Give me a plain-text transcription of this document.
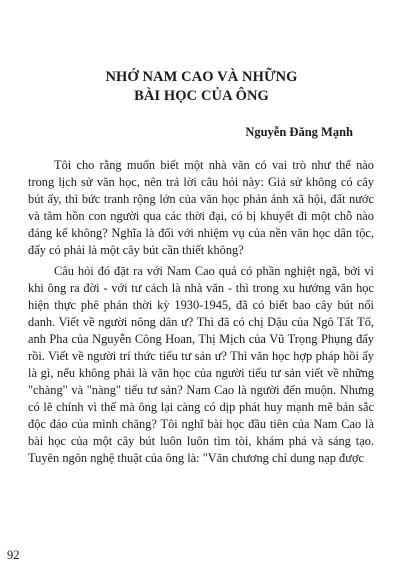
NHỚ NAM CAO VÀ NHỮNG
BÀI HỌC CỦA ÔNG
Nguyễn Đăng Mạnh

Tôi cho rằng muốn biết một nhà văn có vai trò như thế nào trong lịch sử văn học, nên trả lời câu hỏi này: Giả sử không có cây bút ấy, thì bức tranh rộng lớn của văn học phản ánh xã hội, đất nước và tâm hồn con người qua các thời đại, có bị khuyết đi một chỗ nào đáng kể không? Nghĩa là đối với nhiệm vụ của nền văn học dân tộc, đấy có phải là một cây bút cần thiết không?

Câu hỏi đó đặt ra với Nam Cao quả có phần nghiệt ngã, bởi vì khi ông ra đời - với tư cách là nhà văn - thì trong xu hướng văn học hiện thực phê phán thời kỳ 1930-1945, đã có biết bao cây bút nổi danh. Viết về người nông dân ư? Thì đã có chị Dậu của Ngô Tất Tố, anh Pha của Nguyễn Công Hoan, Thị Mịch của Vũ Trọng Phụng đấy rồi. Viết về người trí thức tiểu tư sản ư? Thì văn học hợp pháp hồi ấy là gì, nếu không phải là văn học của người tiểu tư sản viết về những "chàng" và "nàng" tiểu tư sản? Nam Cao là người đến muộn. Nhưng có lẽ chính vì thế mà ông lại càng có dịp phát huy mạnh mẽ bản sắc độc đáo của mình chăng? Tôi nghĩ bài học đầu tiên của Nam Cao là bài học của một cây bút luôn luôn tìm tòi, khám phá và sáng tạo. Tuyên ngôn nghệ thuật của ông là: "Văn chương chỉ dung nạp được

92
